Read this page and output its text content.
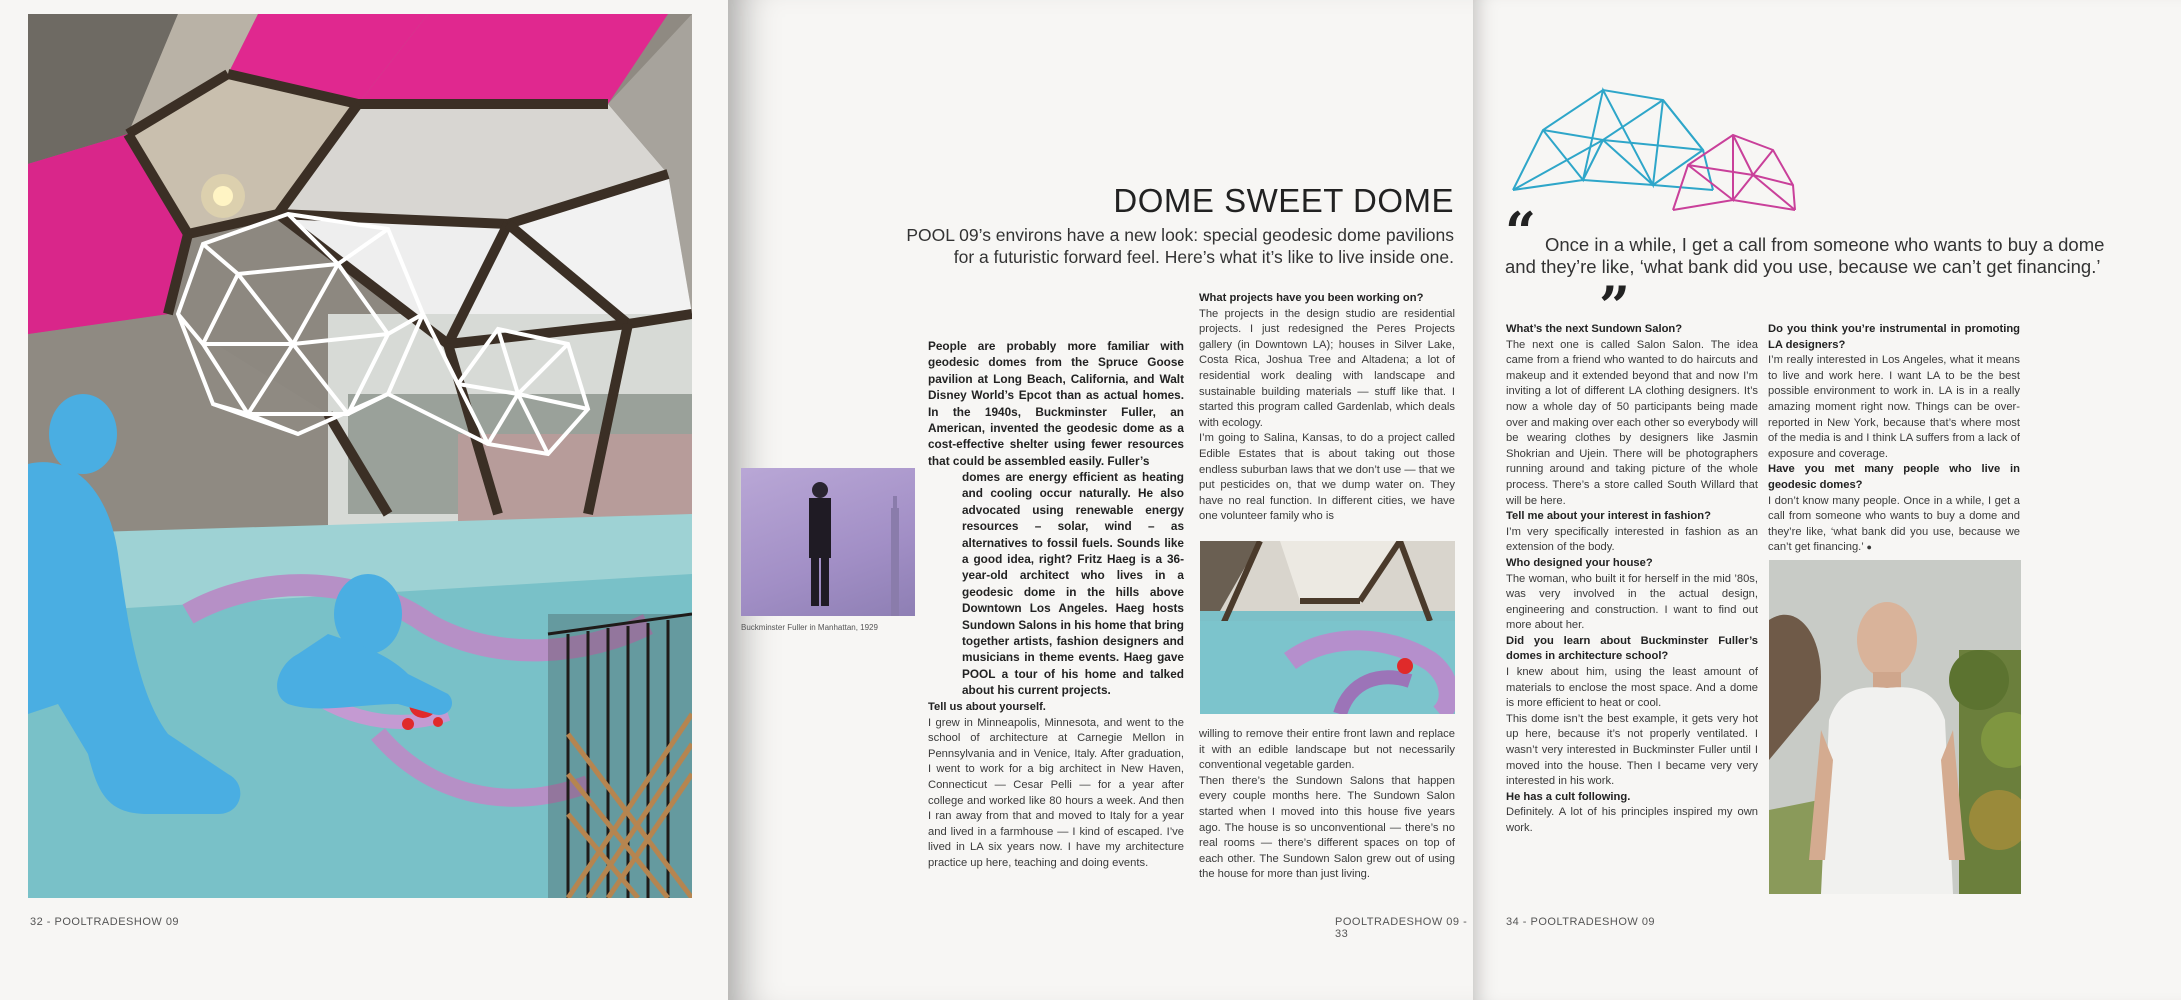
32 - POOLTRADESHOW 09
DOME SWEET DOME
POOL 09’s environs have a new look: special geodesic dome pavilions
for a futuristic forward feel. Here’s what it’s like to live inside one.
People are probably more familiar with geodesic domes from the Spruce Goose pavilion at Long Beach, California, and Walt Disney World’s Epcot than as actual homes. In the 1940s, Buckminster Fuller, an American, invented the geodesic dome as a cost-effective shelter using fewer resources that could be assembled easily. Fuller’s
Buckminster Fuller in Manhattan, 1929
domes are energy efficient as heating and cooling occur naturally. He also advocated using renewable energy resources – solar, wind – as alternatives to fossil fuels. Sounds like a good idea, right? Fritz Haeg is a 36-year-old architect who lives in a geodesic dome in the hills above Downtown Los Angeles. Haeg hosts Sundown Salons in his home that bring together artists, fashion designers and musicians in theme events. Haeg gave POOL a tour of his home and talked about his current projects.

Tell us about yourself.

I grew in Minneapolis, Minnesota, and went to the school of architecture at Carnegie Mellon in Pennsylvania and in Venice, Italy. After graduation, I went to work for a big architect in New Haven, Connecticut — Cesar Pelli — for a year after college and worked like 80 hours a week. And then I ran away from that and moved to Italy for a year and lived in a farmhouse — I kind of escaped. I’ve lived in LA six years now. I have my architecture practice up here, teaching and doing events.

What projects have you been working on?

The projects in the design studio are residential projects. I just redesigned the Peres Projects gallery (in Downtown LA); houses in Silver Lake, Costa Rica, Joshua Tree and Altadena; a lot of residential work dealing with landscape and sustainable building materials — stuff like that. I started this program called Gardenlab, which deals with ecology.

I’m going to Salina, Kansas, to do a project called Edible Estates that is about taking out those endless suburban laws that we don’t use — that we put pesticides on, that we dump water on. They have no real function. In different cities, we have one volunteer family who is

willing to remove their entire front lawn and replace it with an edible landscape but not necessarily conventional vegetable garden.

Then there’s the Sundown Salons that happen every couple months here. The Sundown Salon started when I moved into this house five years ago. The house is so unconventional — there’s no real rooms — there’s different spaces on top of each other. The Sundown Salon grew out of using the house for more than just living.

POOLTRADESHOW 09 - 33
“ Once in a while, I get a call from someone who wants to buy a dome and they’re like, ‘what bank did you use, because we can’t get financing.’
”

What’s the next Sundown Salon?

The next one is called Salon Salon. The idea came from a friend who wanted to do haircuts and makeup and it extended beyond that and now I’m inviting a lot of different LA clothing designers. It’s now a whole day of 50 participants being made over and making over each other so everybody will be wearing clothes by designers like Jasmin Shokrian and Ujein. There will be photographers running around and taking picture of the whole process. There’s a store called South Willard that will be here.

Tell me about your interest in fashion?

I’m very specifically interested in fashion as an extension of the body.

Who designed your house?

The woman, who built it for herself in the mid ’80s, was very involved in the actual design, engineering and construction. I want to find out more about her.

Did you learn about Buckminster Fuller’s domes in architecture school?

I knew about him, using the least amount of materials to enclose the most space. And a dome is more efficient to heat or cool.

This dome isn’t the best example, it gets very hot up here, because it’s not properly ventilated. I wasn’t very interested in Buckminster Fuller until I moved into the house. Then I became very very interested in his work.

He has a cult following.

Definitely. A lot of his principles inspired my own work.

Do you think you’re instrumental in promoting LA designers?

I’m really interested in Los Angeles, what it means to live and work here. I want LA to be the best possible environment to work in. LA is in a really amazing moment right now. Things can be over-reported in New York, because that’s where most of the media is and I think LA suffers from a lack of exposure and coverage.

Have you met many people who live in geodesic domes?

I don’t know many people. Once in a while, I get a call from someone who wants to buy a dome and they’re like, ‘what bank did you use, because we can’t get financing.’ ●

34 - POOLTRADESHOW 09
